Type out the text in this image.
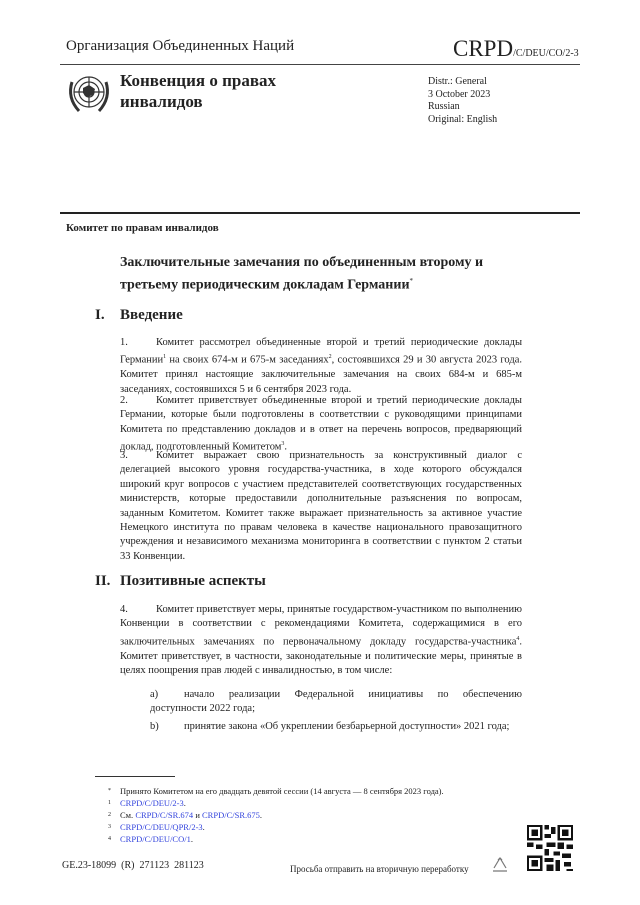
Организация Объединенных Наций	CRPD/C/DEU/CO/2-3
Конвенция о правах инвалидов
Distr.: General
3 October 2023
Russian
Original: English
Комитет по правам инвалидов
Заключительные замечания по объединенным второму и третьему периодическим докладам Германии*
I. Введение
1.	Комитет рассмотрел объединенные второй и третий периодические доклады Германии$^1$ на своих 674-м и 675-м заседаниях$^2$, состоявшихся 29 и 30 августа 2023 года. Комитет принял настоящие заключительные замечания на своих 684-м и 685-м заседаниях, состоявшихся 5 и 6 сентября 2023 года.
2.	Комитет приветствует объединенные второй и третий периодические доклады Германии, которые были подготовлены в соответствии с руководящими принципами Комитета по представлению докладов и в ответ на перечень вопросов, предваряющий доклад, подготовленный Комитетом$^3$.
3.	Комитет выражает свою признательность за конструктивный диалог с делегацией высокого уровня государства-участника, в ходе которого обсуждался широкий круг вопросов с участием представителей соответствующих государственных министерств, которые предоставили дополнительные разъяснения по вопросам, заданным Комитетом. Комитет также выражает признательность за активное участие Немецкого института по правам человека в качестве национального правозащитного учреждения и независимого механизма мониторинга в соответствии с пунктом 2 статьи 33 Конвенции.
II. Позитивные аспекты
4.	Комитет приветствует меры, принятые государством-участником по выполнению Конвенции в соответствии с рекомендациями Комитета, содержащимися в его заключительных замечаниях по первоначальному докладу государства-участника$^4$. Комитет приветствует, в частности, законодательные и политические меры, принятые в целях поощрения прав людей с инвалидностью, в том числе:
a) начало реализации Федеральной инициативы по обеспечению доступности 2022 года;
b) принятие закона «Об укреплении безбарьерной доступности» 2021 года;
* Принято Комитетом на его двадцать девятой сессии (14 августа — 8 сентября 2023 года).
1 CRPD/C/DEU/2-3.
2 См. CRPD/C/SR.674 и CRPD/C/SR.675.
3 CRPD/C/DEU/QPR/2-3.
4 CRPD/C/DEU/CO/1.
GE.23-18099  (R)  271123  281123	Просьба отправить на вторичную переработку
